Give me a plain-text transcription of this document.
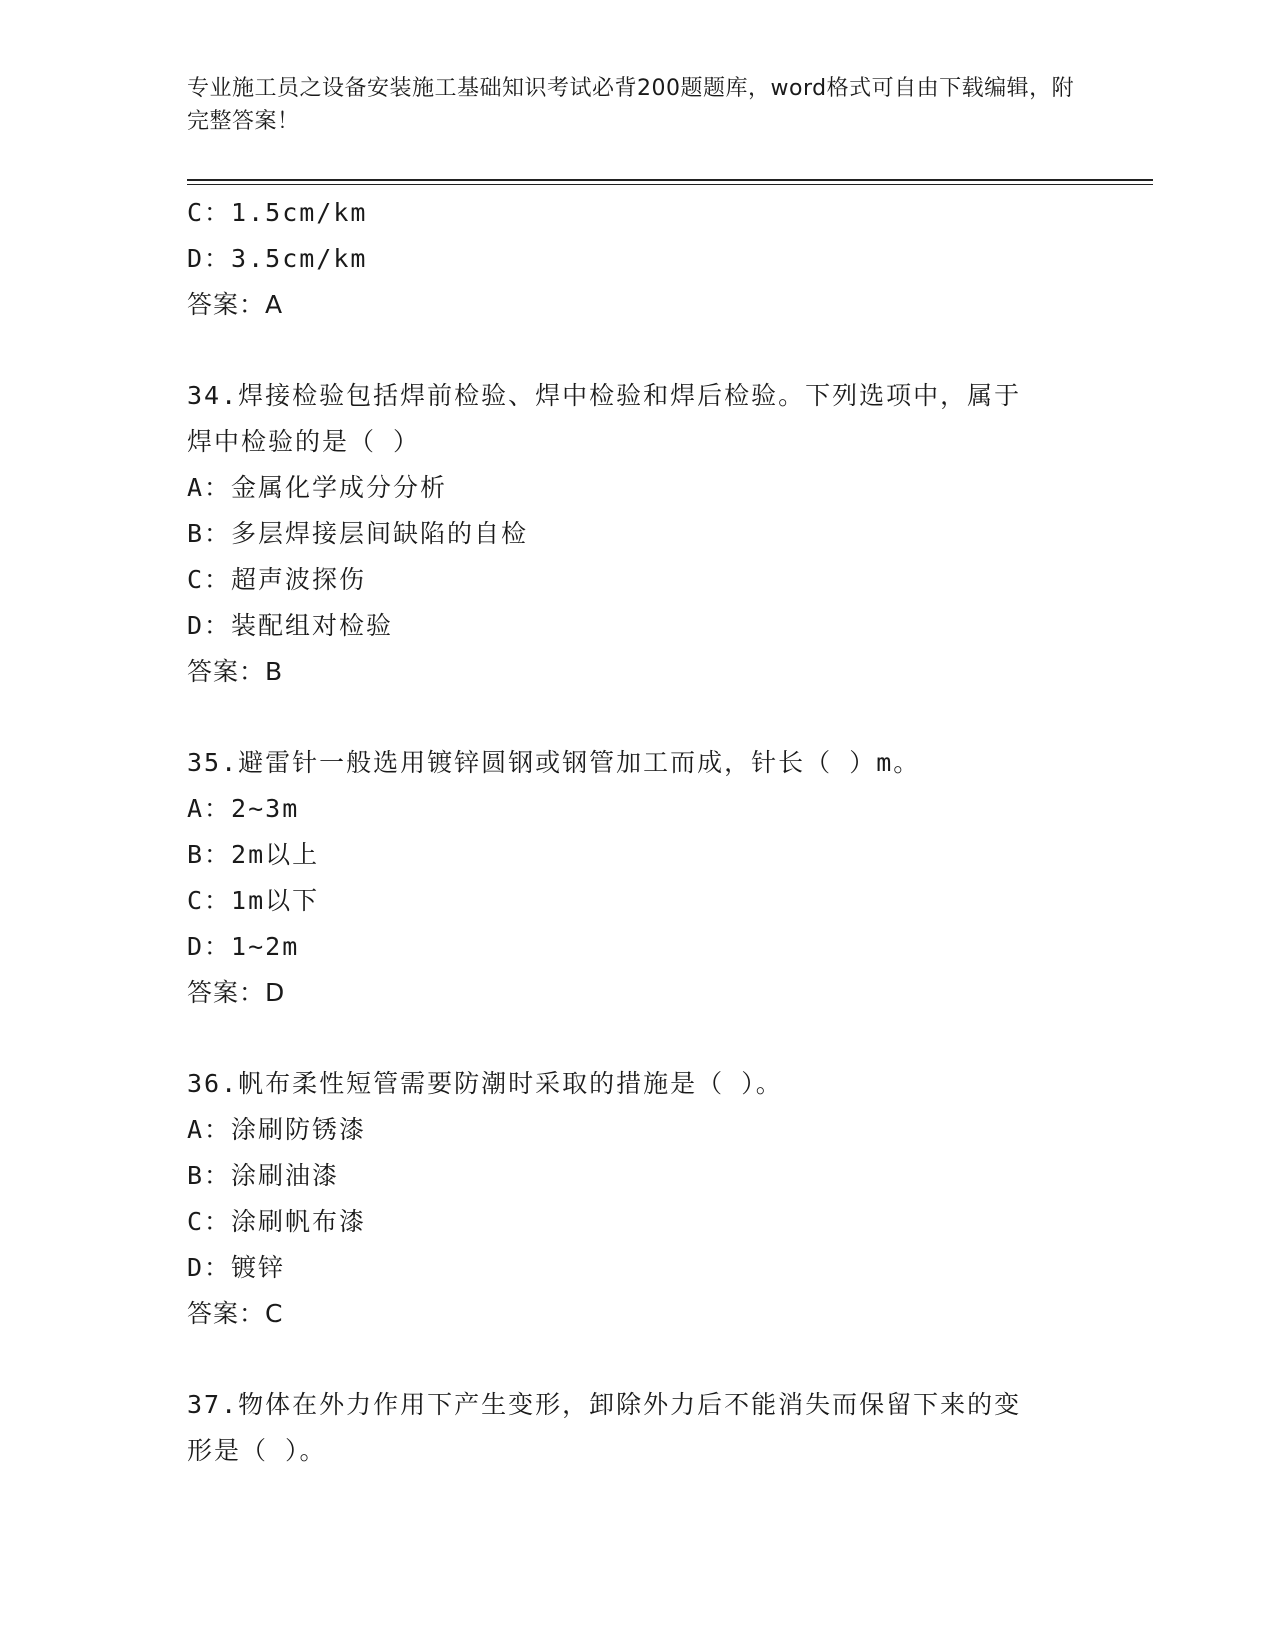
专业施工员之设备安装施工基础知识考试必背200题题库，word格式可自由下载编辑，附完整答案！
C：1.5cm/km
D：3.5cm/km
答案：A
34.焊接检验包括焊前检验、焊中检验和焊后检验。下列选项中，属于
焊中检验的是（ ）
A：金属化学成分分析
B：多层焊接层间缺陷的自检
C：超声波探伤
D：装配组对检验
答案：B
35.避雷针一般选用镀锌圆钢或钢管加工而成，针长（ ）m。
A：2~3m
B：2m以上
C：1m以下
D：1~2m
答案：D
36.帆布柔性短管需要防潮时采取的措施是（ ）。
A：涂刷防锈漆
B：涂刷油漆
C：涂刷帆布漆
D：镀锌
答案：C
37.物体在外力作用下产生变形，卸除外力后不能消失而保留下来的变
形是（ ）。
